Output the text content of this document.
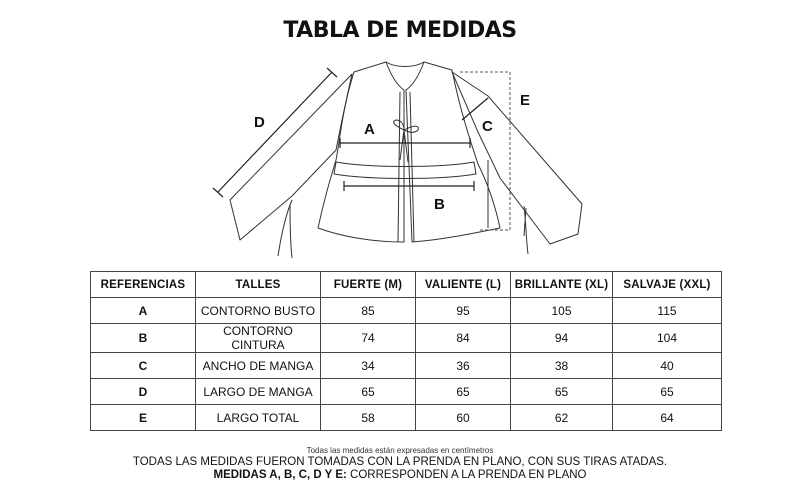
TABLA DE MEDIDAS
D	A
B
C
E
REFERENCIAS	TALLES	FUERTE (M)	VALIENTE (L)	BRILLANTE (XL)	SALVAJE (XXL)
A	CONTORNO BUSTO	85	95	105	115
B	CONTORNO CINTURA	74	84	94	104
C	ANCHO DE MANGA	34	36	38	40
D	LARGO DE MANGA	65	65	65	65
E	LARGO TOTAL	58	60	62	64
Todas las medidas están expresadas en centímetros
TODAS LAS MEDIDAS FUERON TOMADAS CON LA PRENDA EN PLANO, CON SUS TIRAS ATADAS.
MEDIDAS A, B, C, D Y E: CORRESPONDEN A LA PRENDA EN PLANO
